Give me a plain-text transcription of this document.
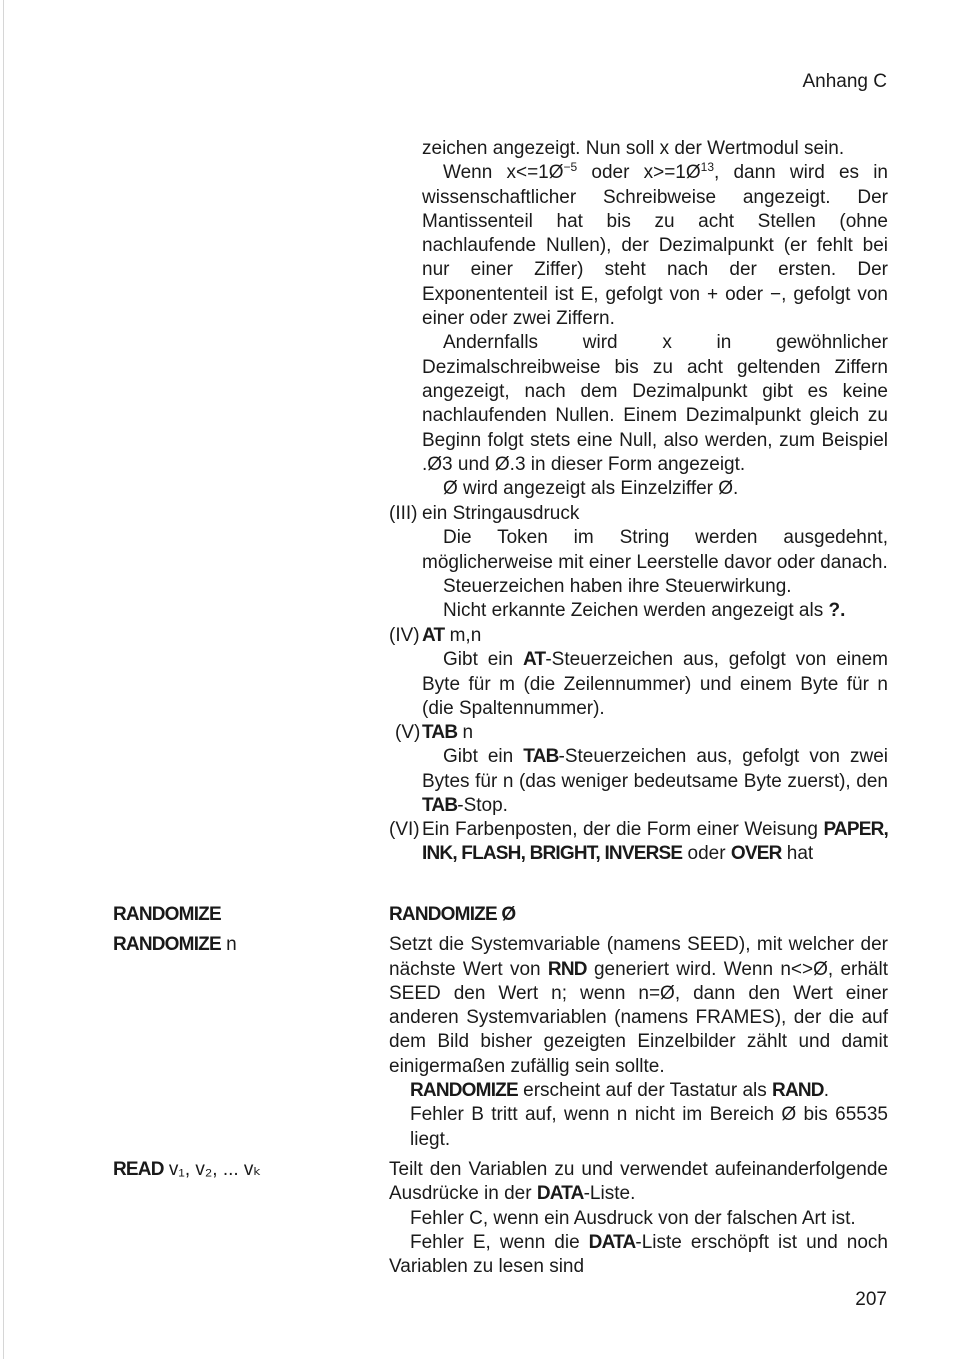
Anhang C

zeichen angezeigt. Nun soll x der Wertmodul sein.

Wenn $x<=1Ø^{-5}$ oder $x>=1Ø^{13}$, dann wird es in wissenschaftlicher Schreibweise angezeigt. Der Mantissenteil hat bis zu acht Stellen (ohne nachlaufende Nullen), der Dezimalpunkt (er fehlt bei nur einer Ziffer) steht nach der ersten. Der Exponententeil ist E, gefolgt von + oder −, gefolgt von einer oder zwei Ziffern.

Andernfalls wird x in gewöhnlicher Dezimalschreibweise bis zu acht geltenden Ziffern angezeigt, nach dem Dezimalpunkt gibt es keine nachlaufenden Nullen. Einem Dezimalpunkt gleich zu Beginn folgt stets eine Null, also werden, zum Beispiel .Ø3 und Ø.3 in dieser Form angezeigt.

Ø wird angezeigt als Einzelziffer Ø.

(III) ein Stringausdruck

Die Token im String werden ausgedehnt, möglicherweise mit einer Leerstelle davor oder danach.

Steuerzeichen haben ihre Steuerwirkung.

Nicht erkannte Zeichen werden angezeigt als ?.

(IV) AT m,n

Gibt ein AT-Steuerzeichen aus, gefolgt von einem Byte für m (die Zeilennummer) und einem Byte für n (die Spaltennummer).

(V) TAB n

Gibt ein TAB-Steuerzeichen aus, gefolgt von zwei Bytes für n (das weniger bedeutsame Byte zuerst), den TAB-Stop.

(VI) Ein Farbenposten, der die Form einer Weisung PAPER, INK, FLASH, BRIGHT, INVERSE oder OVER hat

RANDOMIZE
RANDOMIZE n

RANDOMIZE Ø

Setzt die Systemvariable (namens SEED), mit welcher der nächste Wert von RND generiert wird. Wenn n<>Ø, erhält SEED den Wert n; wenn n=Ø, dann den Wert einer anderen Systemvariablen (namens FRAMES), der die auf dem Bild bisher gezeigten Einzelbilder zählt und damit einigermaßen zufällig sein sollte.

RANDOMIZE erscheint auf der Tastatur als RAND.

Fehler B tritt auf, wenn n nicht im Bereich Ø bis 65535 liegt.

READ v₁, v₂, ... vₖ	Teilt den Variablen zu und verwendet aufeinanderfolgende Ausdrücke in der DATA-Liste.

Fehler C, wenn ein Ausdruck von der falschen Art ist.

Fehler E, wenn die DATA-Liste erschöpft ist und noch Variablen zu lesen sind

207
